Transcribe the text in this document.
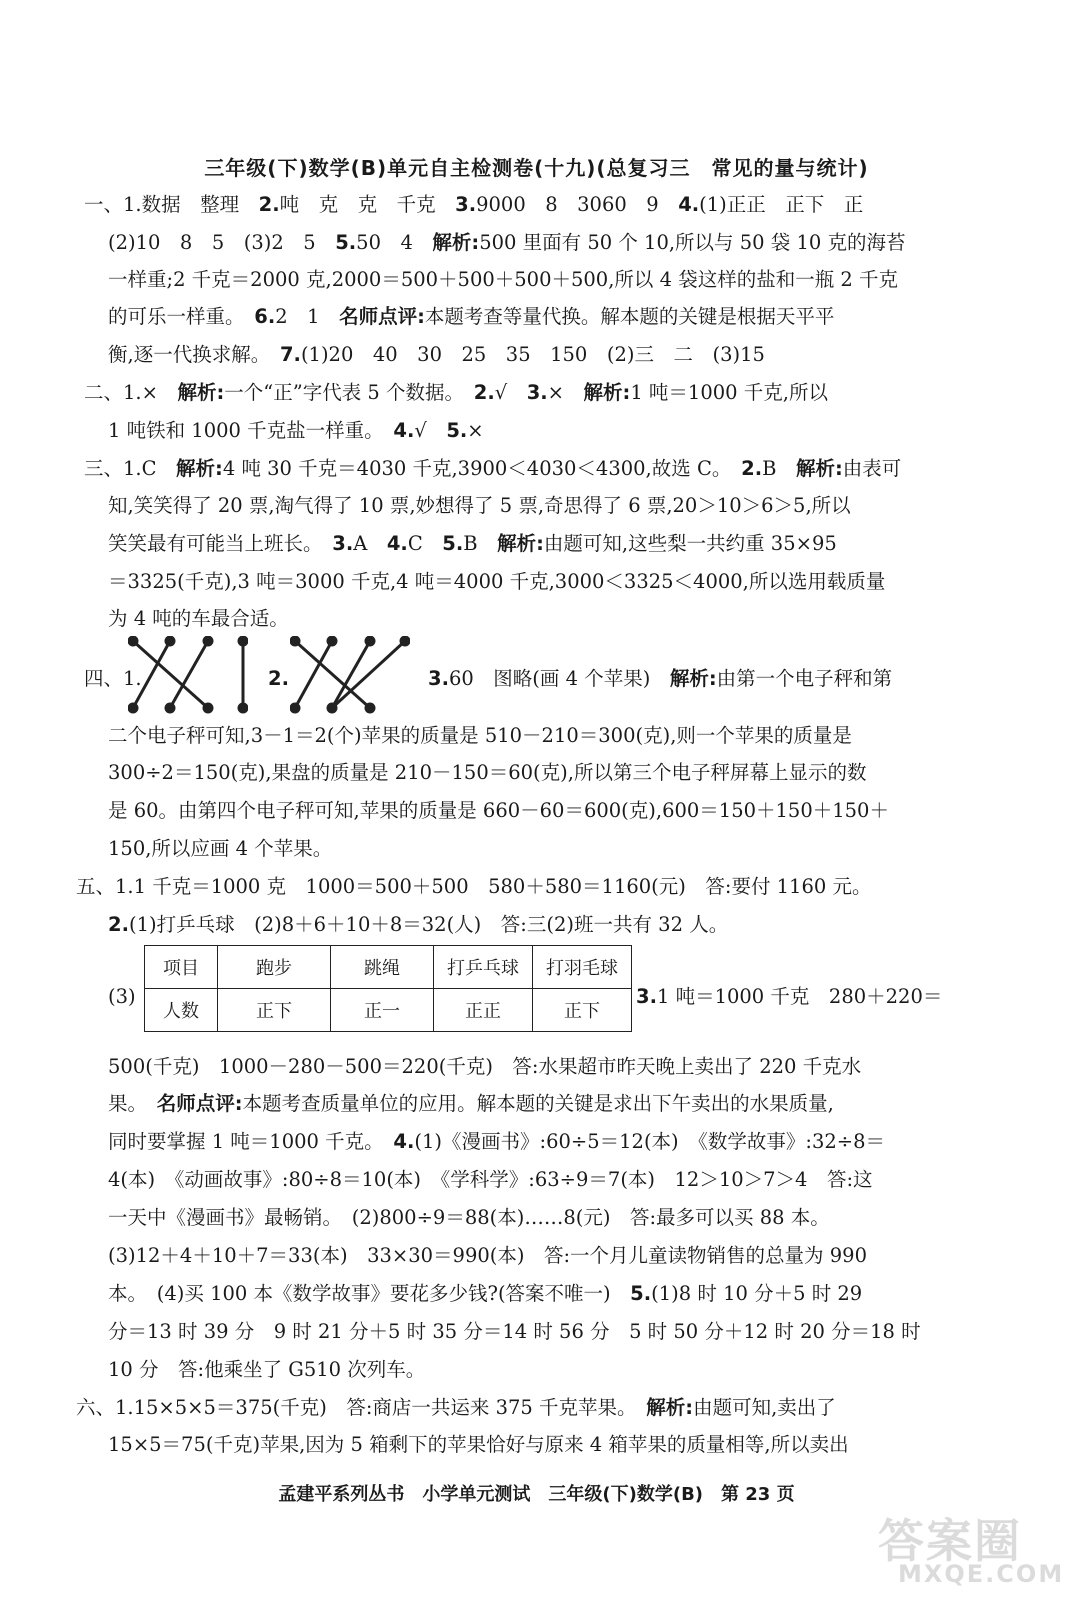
三年级(下)数学(B)单元自主检测卷(十九)(总复习三　常见的量与统计)
一、1.数据　整理　2.吨　克　克　千克　3.9000　8　3060　9　4.(1)正正　正下　正
(2)10　8　5　(3)2　5　5.50　4　解析:500 里面有 50 个 10,所以与 50 袋 10 克的海苔
一样重;2 千克＝2000 克,2000＝500＋500＋500＋500,所以 4 袋这样的盐和一瓶 2 千克
的可乐一样重。　6.2　1　名师点评:本题考查等量代换。解本题的关键是根据天平平
衡,逐一代换求解。　7.(1)20　40　30　25　35　150　(2)三　二　(3)15
二、1.×　解析:一个“正”字代表 5 个数据。　2.√　3.×　解析:1 吨＝1000 千克,所以
1 吨铁和 1000 千克盐一样重。　4.√　5.×
三、1.C　解析:4 吨 30 千克＝4030 千克,3900＜4030＜4300,故选 C。　2.B　解析:由表可
知,笑笑得了 20 票,淘气得了 10 票,妙想得了 5 票,奇思得了 6 票,20＞10＞6＞5,所以
笑笑最有可能当上班长。　3.A　4.C　5.B　解析:由题可知,这些梨一共约重 35×95
＝3325(千克),3 吨＝3000 千克,4 吨＝4000 千克,3000＜3325＜4000,所以选用载质量
为 4 吨的车最合适。
四、1.	2.	3.60　图略(画 4 个苹果)　解析:由第一个电子秤和第
二个电子秤可知,3－1＝2(个)苹果的质量是 510－210＝300(克),则一个苹果的质量是
300÷2＝150(克),果盘的质量是 210－150＝60(克),所以第三个电子秤屏幕上显示的数
是 60。由第四个电子秤可知,苹果的质量是 660－60＝600(克),600＝150＋150＋150＋
150,所以应画 4 个苹果。
五、1.1 千克＝1000 克　1000＝500＋500　580＋580＝1160(元)　答:要付 1160 元。
2.(1)打乒乓球　(2)8＋6＋10＋8＝32(人)　答:三(2)班一共有 32 人。
(3)	3.1 吨＝1000 千克　280＋220＝
500(千克)　1000－280－500＝220(千克)　答:水果超市昨天晚上卖出了 220 千克水
果。　名师点评:本题考查质量单位的应用。解本题的关键是求出下午卖出的水果质量,
同时要掌握 1 吨＝1000 千克。　4.(1)《漫画书》:60÷5＝12(本)　《数学故事》:32÷8＝
4(本)　《动画故事》:80÷8＝10(本)　《学科学》:63÷9＝7(本)　12＞10＞7＞4　答:这
一天中《漫画书》最畅销。　(2)800÷9＝88(本)……8(元)　答:最多可以买 88 本。
(3)12＋4＋10＋7＝33(本)　33×30＝990(本)　答:一个月儿童读物销售的总量为 990
本。　(4)买 100 本《数学故事》要花多少钱?(答案不唯一)　5.(1)8 时 10 分＋5 时 29
分＝13 时 39 分　9 时 21 分＋5 时 35 分＝14 时 56 分　5 时 50 分＋12 时 20 分＝18 时
10 分　答:他乘坐了 G510 次列车。
六、1.15×5×5＝375(千克)　答:商店一共运来 375 千克苹果。　解析:由题可知,卖出了
15×5＝75(千克)苹果,因为 5 箱剩下的苹果恰好与原来 4 箱苹果的质量相等,所以卖出
项目	跑步	跳绳	打乒乓球	打羽毛球
人数	正下	正一	正正	正下
孟建平系列丛书　小学单元测试　三年级(下)数学(B)　第 23 页
答案圈
MXQE.COM
